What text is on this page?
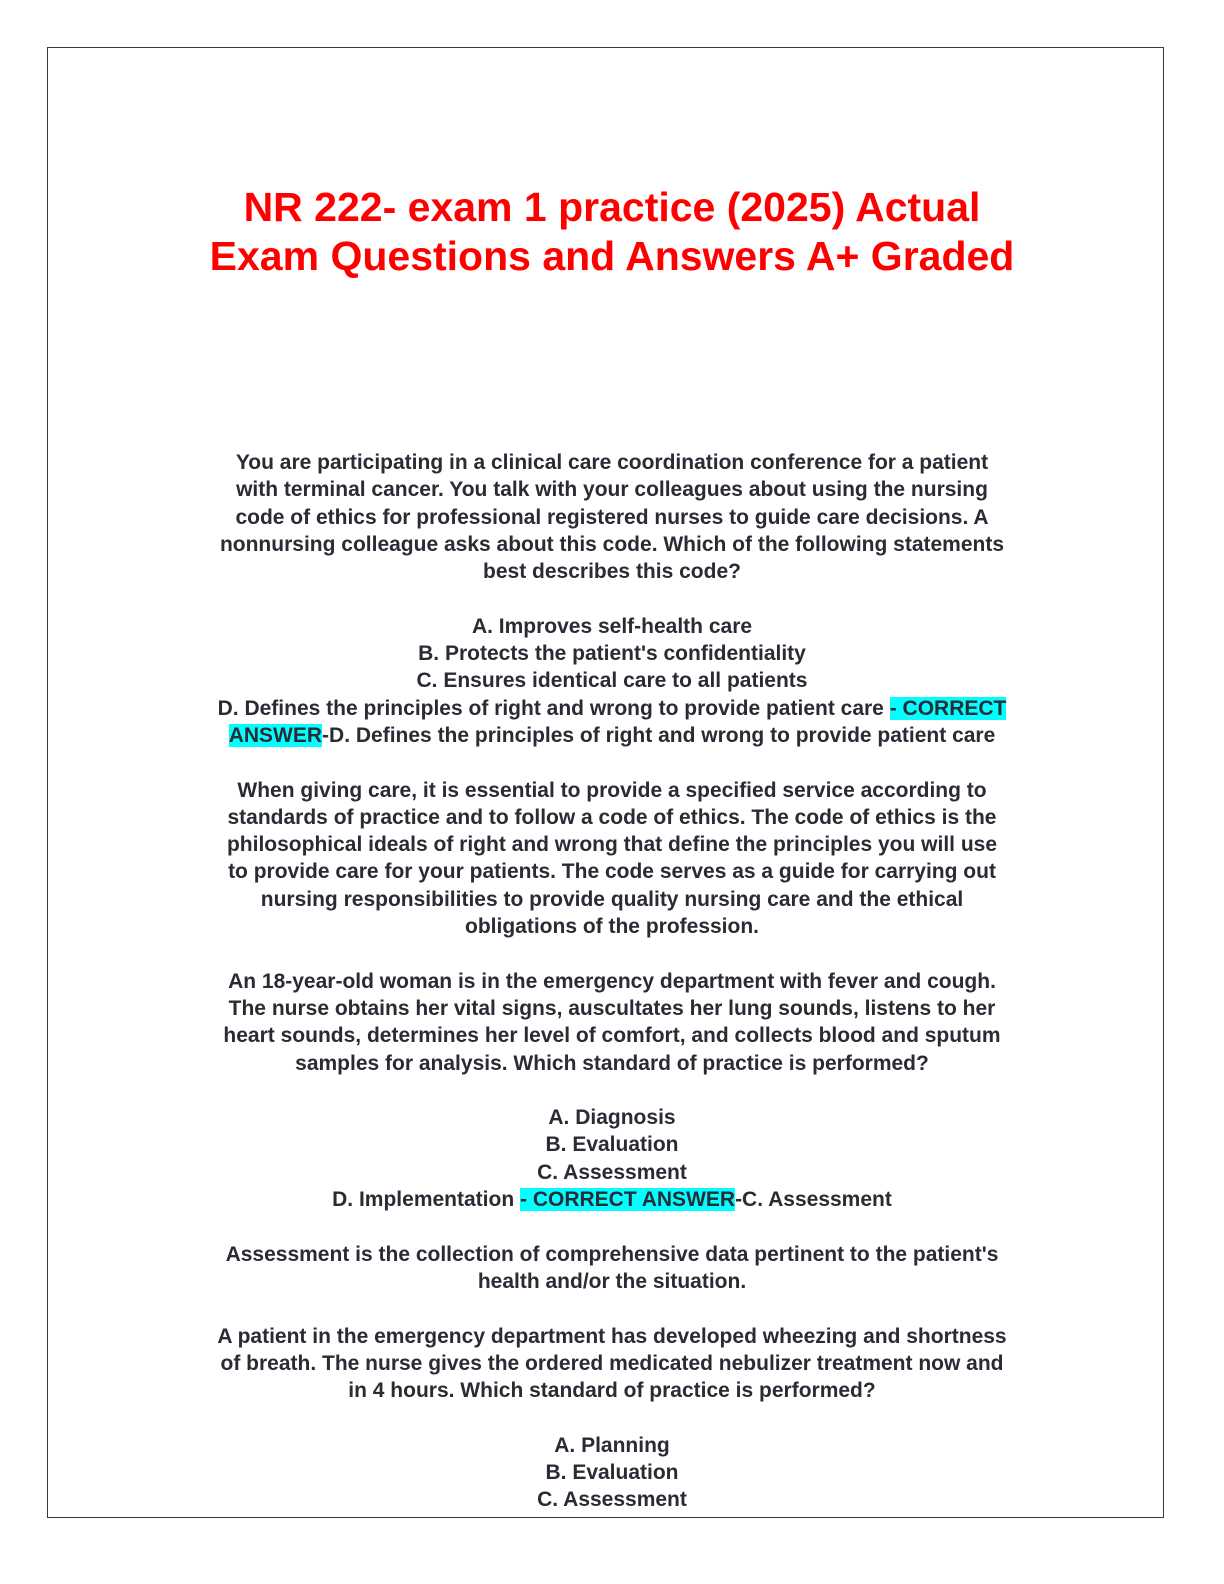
NR 222- exam 1 practice (2025) Actual
Exam Questions and Answers A+ Graded

You are participating in a clinical care coordination conference for a patient
with terminal cancer. You talk with your colleagues about using the nursing
code of ethics for professional registered nurses to guide care decisions. A
nonnursing colleague asks about this code. Which of the following statements
best describes this code?

A. Improves self-health care
B. Protects the patient's confidentiality
C. Ensures identical care to all patients
D. Defines the principles of right and wrong to provide patient care - CORRECT
ANSWER-D. Defines the principles of right and wrong to provide patient care

When giving care, it is essential to provide a specified service according to
standards of practice and to follow a code of ethics. The code of ethics is the
philosophical ideals of right and wrong that define the principles you will use
to provide care for your patients. The code serves as a guide for carrying out
nursing responsibilities to provide quality nursing care and the ethical
obligations of the profession.

An 18-year-old woman is in the emergency department with fever and cough.
The nurse obtains her vital signs, auscultates her lung sounds, listens to her
heart sounds, determines her level of comfort, and collects blood and sputum
samples for analysis. Which standard of practice is performed?

A. Diagnosis
B. Evaluation
C. Assessment
D. Implementation - CORRECT ANSWER-C. Assessment

Assessment is the collection of comprehensive data pertinent to the patient's
health and/or the situation.

A patient in the emergency department has developed wheezing and shortness
of breath. The nurse gives the ordered medicated nebulizer treatment now and
in 4 hours. Which standard of practice is performed?

A. Planning
B. Evaluation
C. Assessment
